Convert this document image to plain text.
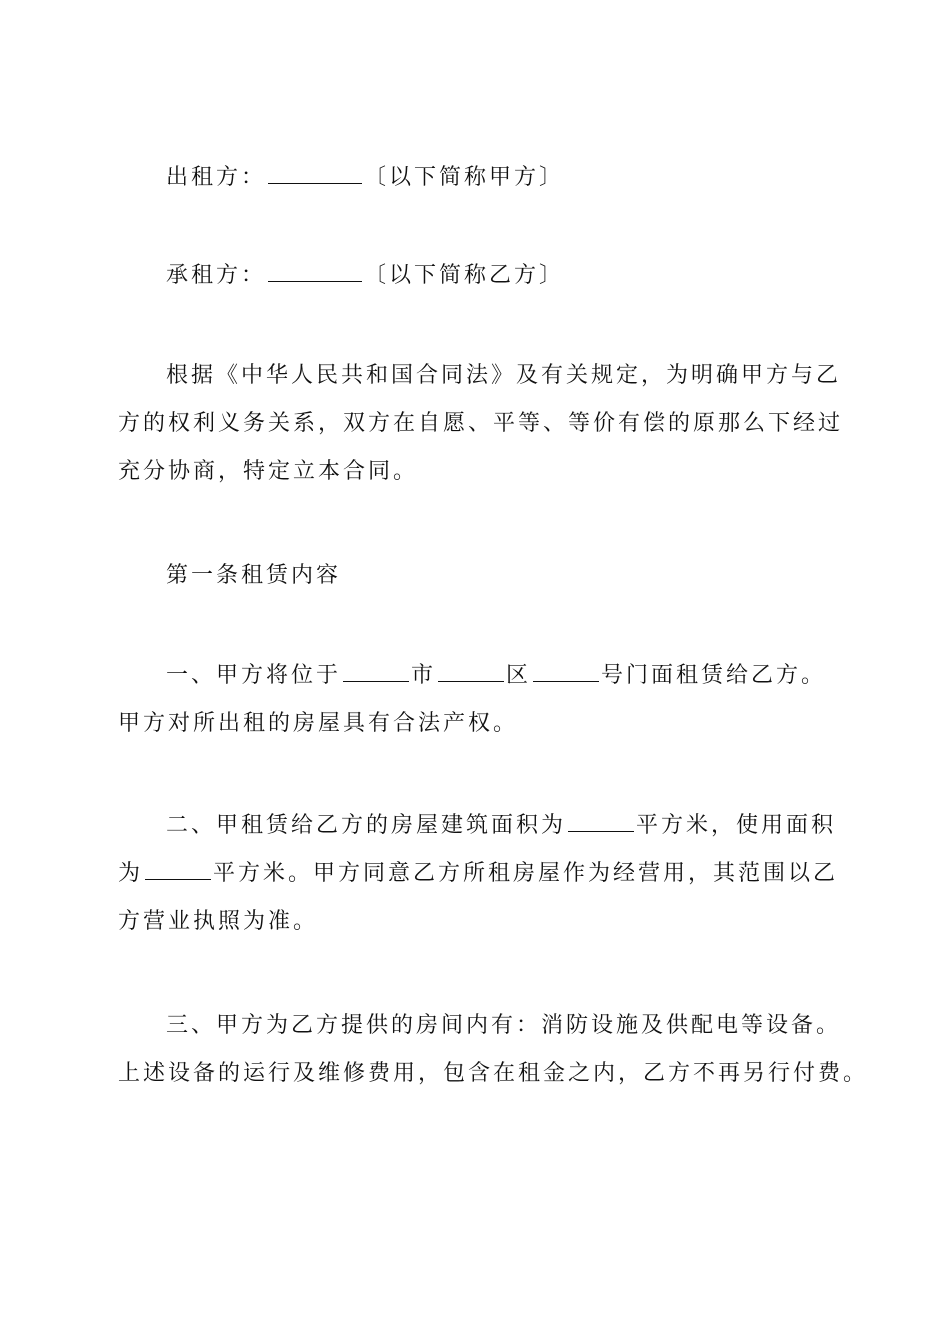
出租方：	〔以下简称甲方〕
承租方：	〔以下简称乙方〕
根据《中华人民共和国合同法》及有关规定，为明确甲方与乙
方的权利义务关系，双方在自愿、平等、等价有偿的原那么下经过
充分协商，特定立本合同。
第一条租赁内容
一、甲方将位于	市	区	号门面租赁给乙方。
甲方对所出租的房屋具有合法产权。
二、甲租赁给乙方的房屋建筑面积为	平方米，使用面积
为	平方米。甲方同意乙方所租房屋作为经营用，其范围以乙
方营业执照为准。
三、甲方为乙方提供的房间内有：消防设施及供配电等设备。
上述设备的运行及维修费用，包含在租金之内，乙方不再另行付费。
